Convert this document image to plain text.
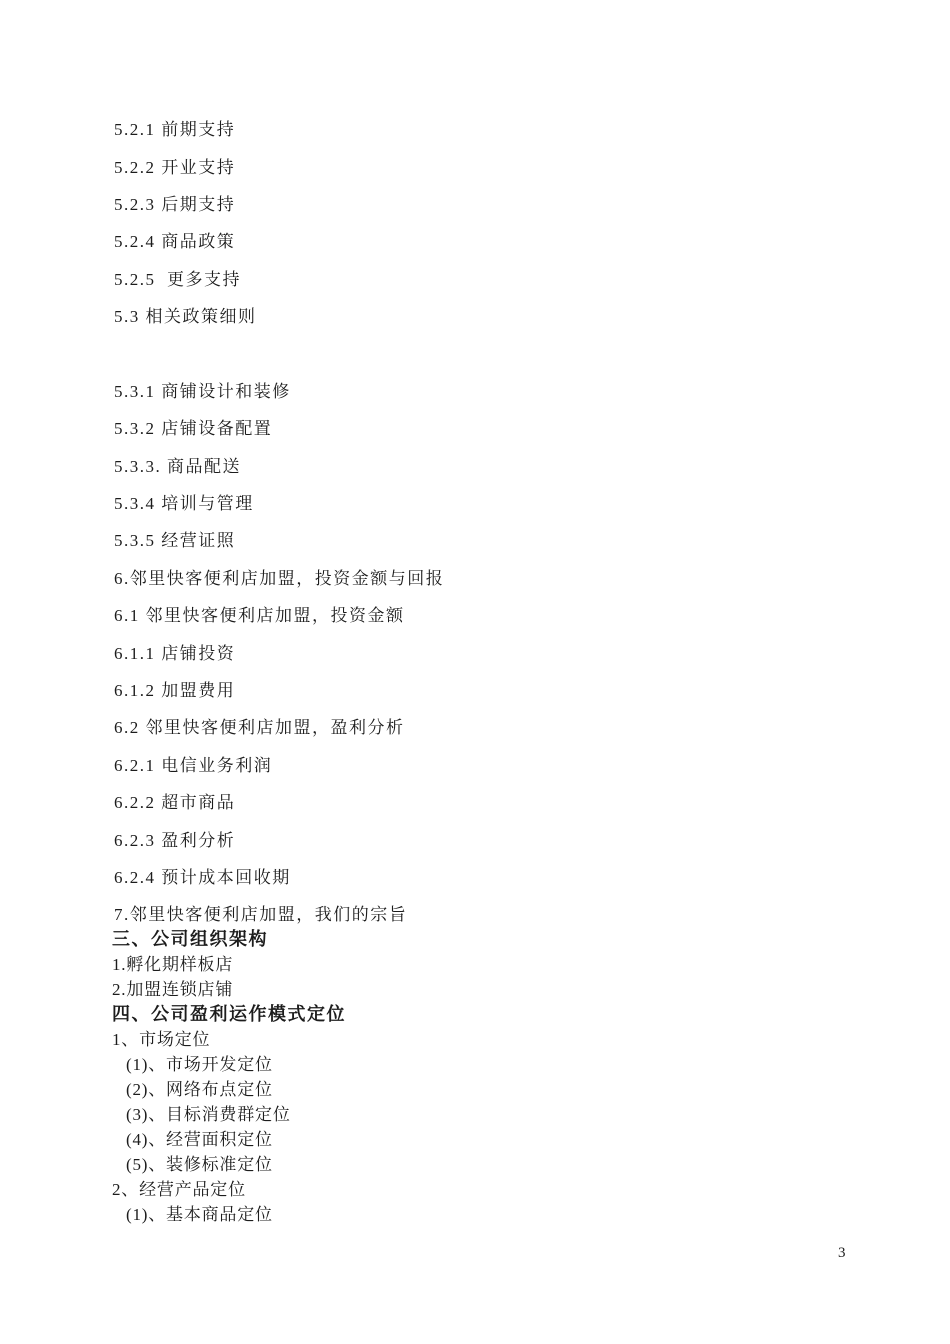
5.2.1 前期支持
5.2.2 开业支持
5.2.3 后期支持
5.2.4 商品政策
5.2.5  更多支持
5.3 相关政策细则
5.3.1 商铺设计和装修
5.3.2 店铺设备配置
5.3.3. 商品配送
5.3.4 培训与管理
5.3.5 经营证照
6.邻里快客便利店加盟，投资金额与回报
6.1 邻里快客便利店加盟，投资金额
6.1.1 店铺投资
6.1.2 加盟费用
6.2 邻里快客便利店加盟，盈利分析
6.2.1 电信业务利润
6.2.2 超市商品
6.2.3 盈利分析
6.2.4 预计成本回收期
7.邻里快客便利店加盟，我们的宗旨
三、公司组织架构
1.孵化期样板店
2.加盟连锁店铺
四、公司盈利运作模式定位
1、市场定位
(1)、市场开发定位
(2)、网络布点定位
(3)、目标消费群定位
(4)、经营面积定位
(5)、装修标准定位
2、经营产品定位
(1)、基本商品定位
3
